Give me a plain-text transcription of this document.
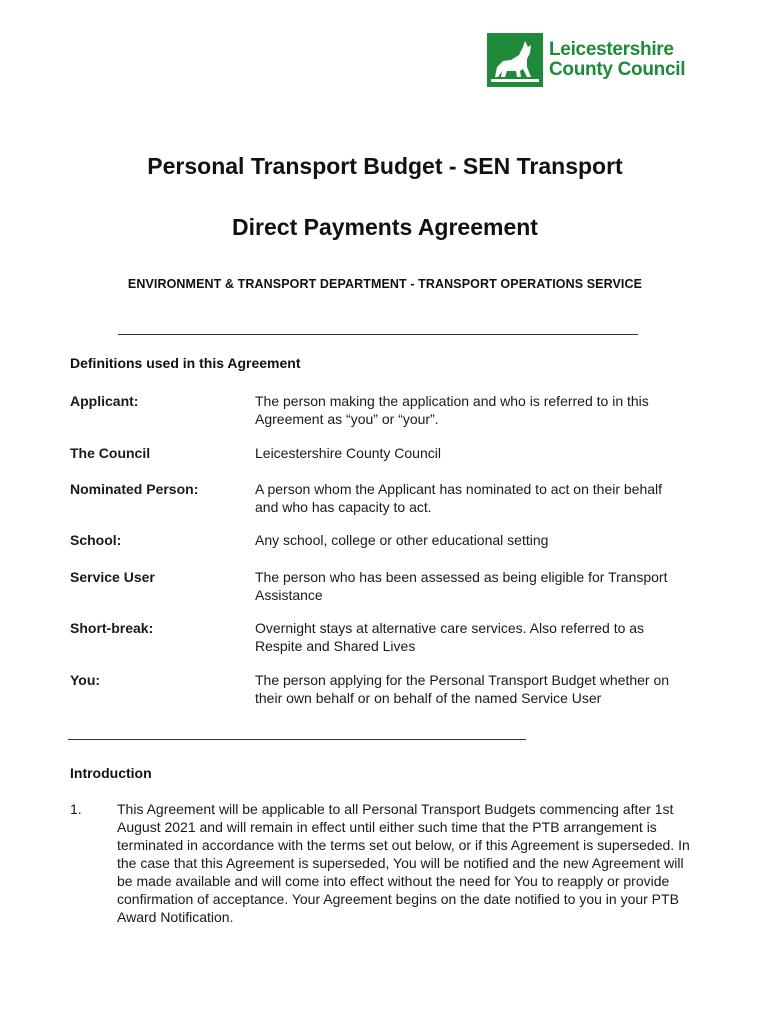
Leicestershire
County Council
Personal Transport Budget - SEN Transport
Direct Payments Agreement
ENVIRONMENT & TRANSPORT DEPARTMENT - TRANSPORT OPERATIONS SERVICE
Definitions used in this Agreement
Applicant:	The person making the application and who is referred to in this Agreement as “you” or “your”.
The Council	Leicestershire County Council
Nominated Person:	A person whom the Applicant has nominated to act on their behalf and who has capacity to act.
School:	Any school, college or other educational setting
Service User	The person who has been assessed as being eligible for Transport Assistance
Short-break:	Overnight stays at alternative care services. Also referred to as Respite and Shared Lives
You:	The person applying for the Personal Transport Budget whether on their own behalf or on behalf of the named Service User
Introduction
1.	This Agreement will be applicable to all Personal Transport Budgets commencing after 1st August 2021 and will remain in effect until either such time that the PTB arrangement is terminated in accordance with the terms set out below, or if this Agreement is superseded. In the case that this Agreement is superseded, You will be notified and the new Agreement will be made available and will come into effect without the need for You to reapply or provide confirmation of acceptance. Your Agreement begins on the date notified to you in your PTB Award Notification.
